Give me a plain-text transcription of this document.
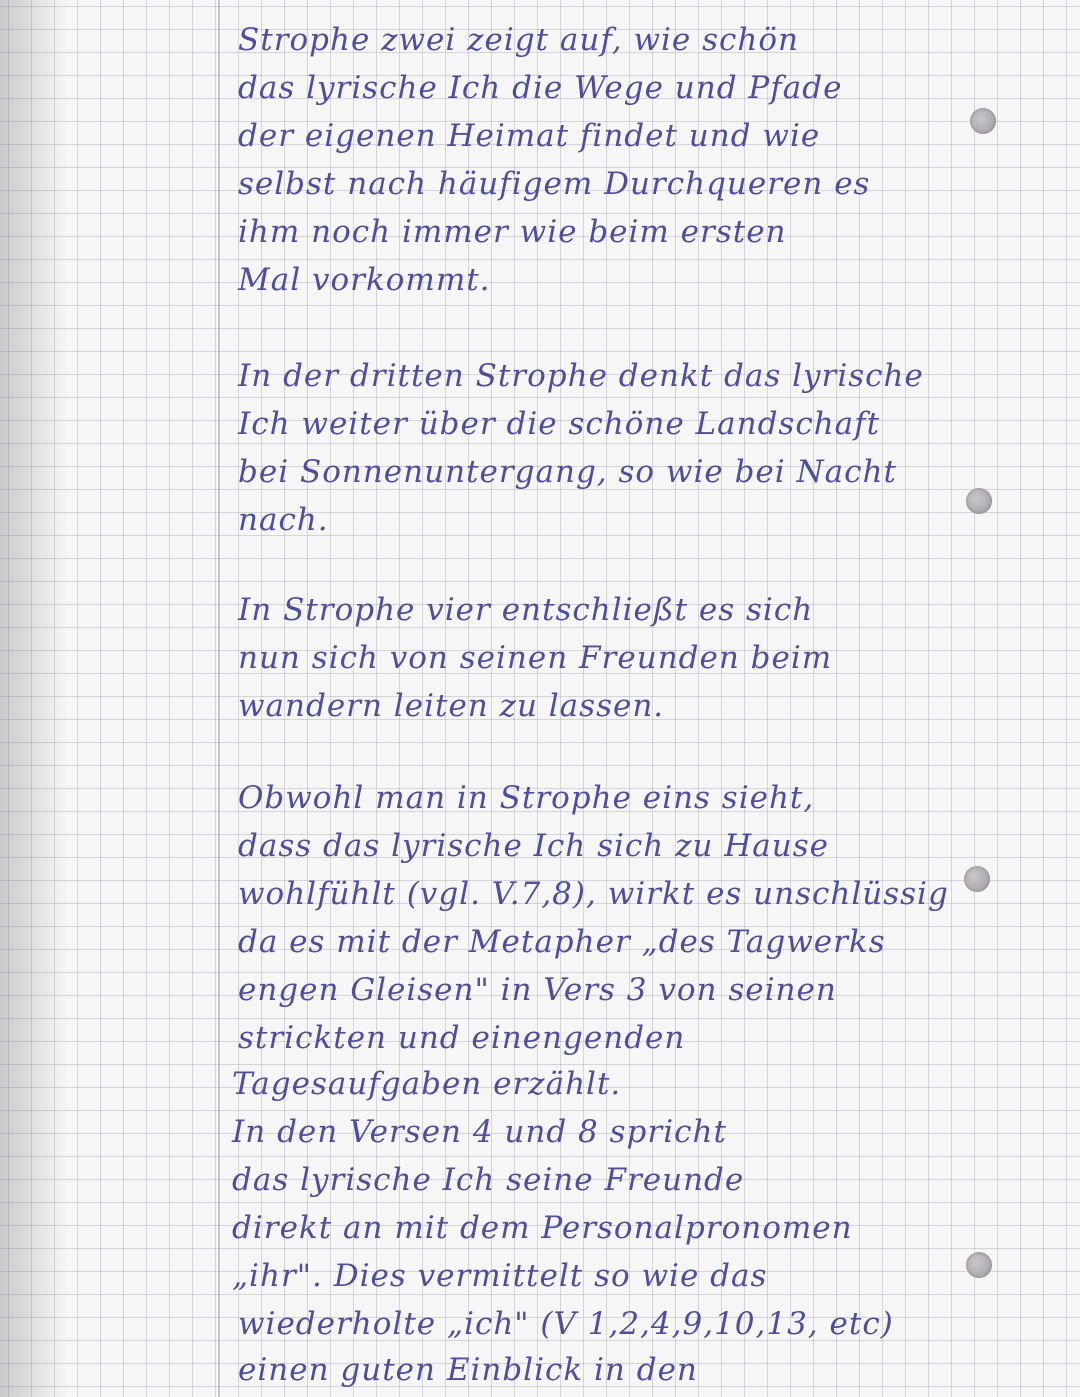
Strophe zwei zeigt auf, wie schön
das lyrische Ich die Wege und Pfade
der eigenen Heimat findet und wie
selbst nach häufigem Durchqueren es
ihm noch immer wie beim ersten
Mal vorkommt.
In der dritten Strophe denkt das lyrische
Ich weiter über die schöne Landschaft
bei Sonnenuntergang, so wie bei Nacht
nach.
In Strophe vier entschließt es sich
nun sich von seinen Freunden beim
wandern leiten zu lassen.
Obwohl man in Strophe eins sieht,
dass das lyrische Ich sich zu Hause
wohlfühlt (vgl. V.7,8), wirkt es unschlüssig
da es mit der Metapher „des Tagwerks
engen Gleisen" in Vers 3 von seinen
strickten und einengenden
Tagesaufgaben erzählt.
In den Versen 4 und 8 spricht
das lyrische Ich seine Freunde
direkt an mit dem Personalpronomen
„ihr". Dies vermittelt so wie das
wiederholte „ich" (V 1,2,4,9,10,13, etc)
einen guten Einblick in den
